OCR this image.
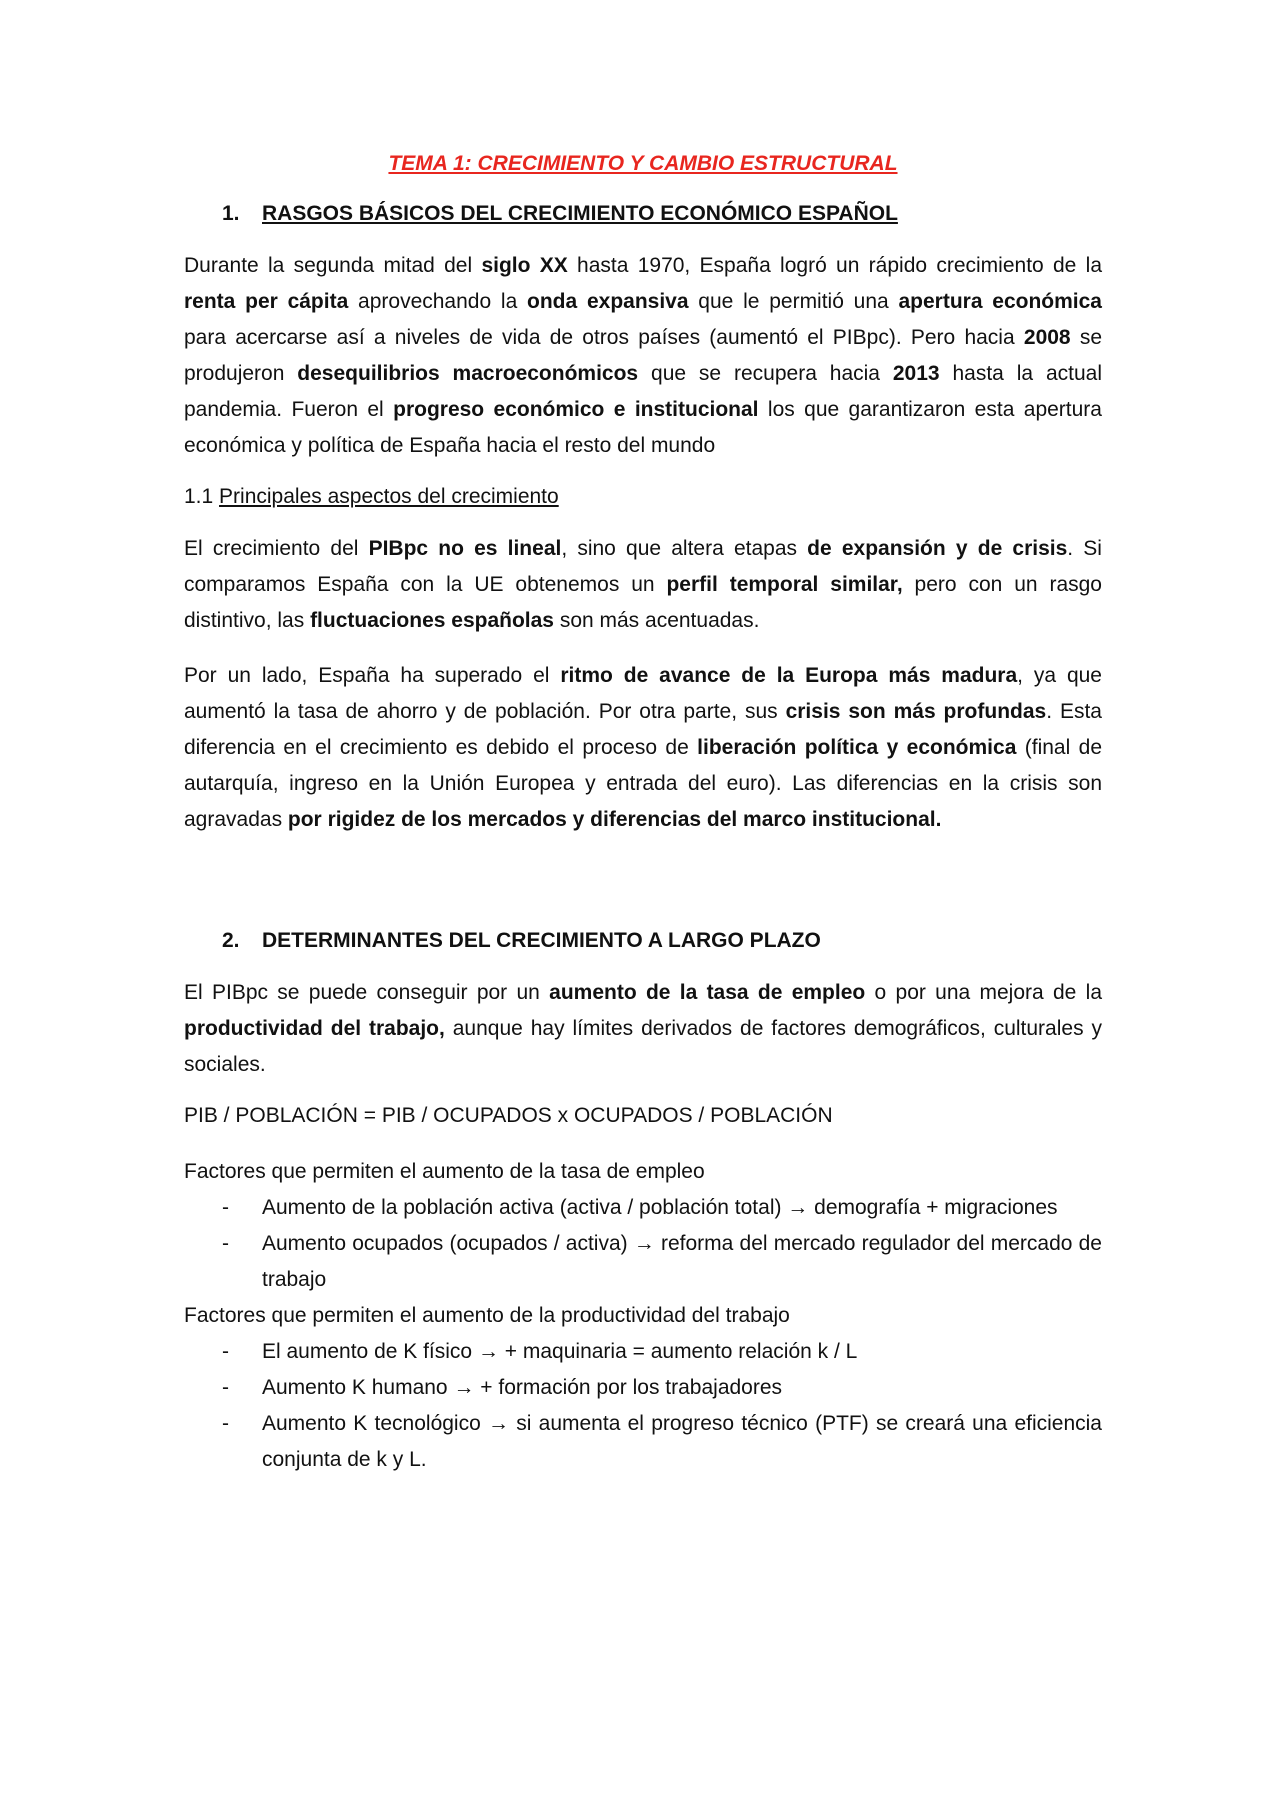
TEMA 1: CRECIMIENTO Y CAMBIO ESTRUCTURAL
1.	RASGOS BÁSICOS DEL CRECIMIENTO ECONÓMICO ESPAÑOL

Durante la segunda mitad del siglo XX hasta 1970, España logró un rápido crecimiento de la renta per cápita aprovechando la onda expansiva que le permitió una apertura económica para acercarse así a niveles de vida de otros países (aumentó el PIBpc). Pero hacia 2008 se produjeron desequilibrios macroeconómicos que se recupera hacia 2013 hasta la actual pandemia. Fueron el progreso económico e institucional los que garantizaron esta apertura económica y política de España hacia el resto del mundo

1.1 Principales aspectos del crecimiento

El crecimiento del PIBpc no es lineal, sino que altera etapas de expansión y de crisis. Si comparamos España con la UE obtenemos un perfil temporal similar, pero con un rasgo distintivo, las fluctuaciones españolas son más acentuadas.

Por un lado, España ha superado el ritmo de avance de la Europa más madura, ya que aumentó la tasa de ahorro y de población. Por otra parte, sus crisis son más profundas. Esta diferencia en el crecimiento es debido el proceso de liberación política y económica (final de autarquía, ingreso en la Unión Europea y entrada del euro). Las diferencias en la crisis son agravadas por rigidez de los mercados y diferencias del marco institucional.

2.	DETERMINANTES DEL CRECIMIENTO A LARGO PLAZO

El PIBpc se puede conseguir por un aumento de la tasa de empleo o por una mejora de la productividad del trabajo, aunque hay límites derivados de factores demográficos, culturales y sociales.

PIB / POBLACIÓN = PIB / OCUPADOS x OCUPADOS / POBLACIÓN
Factores que permiten el aumento de la tasa de empleo
- Aumento de la población activa (activa / población total) → demografía + migraciones
- Aumento ocupados (ocupados / activa) → reforma del mercado regulador del mercado de trabajo
Factores que permiten el aumento de la productividad del trabajo
- El aumento de K físico → + maquinaria = aumento relación k / L
- Aumento K humano → + formación por los trabajadores
- Aumento K tecnológico → si aumenta el progreso técnico (PTF) se creará una eficiencia conjunta de k y L.
